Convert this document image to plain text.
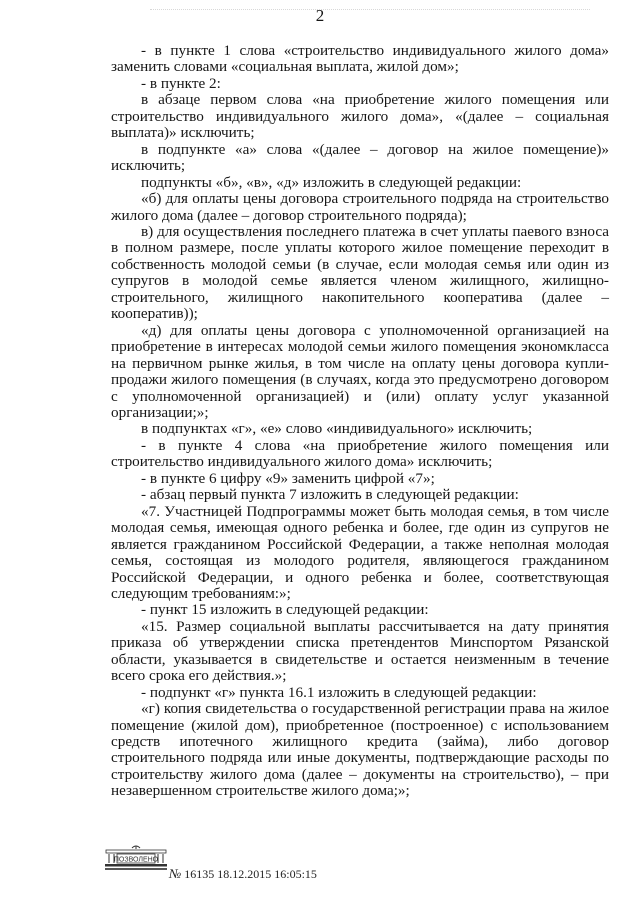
2

- в пункте 1 слова «строительство индивидуального жилого дома» заменить словами «социальная выплата, жилой дом»;

- в пункте 2:

в абзаце первом слова «на приобретение жилого помещения или строительство индивидуального жилого дома», «(далее – социальная выплата)» исключить;

в подпункте «а» слова «(далее – договор на жилое помещение)» исключить;

подпункты «б», «в», «д» изложить в следующей редакции:

«б) для оплаты цены договора строительного подряда на строительство жилого дома (далее – договор строительного подряда);

в) для осуществления последнего платежа в счет уплаты паевого взноса в полном размере, после уплаты которого жилое помещение переходит в собственность молодой семьи (в случае, если молодая семья или один из супругов в молодой семье является членом жилищного, жилищно-строительного, жилищного накопительного кооператива (далее – кооператив));

«д) для оплаты цены договора с уполномоченной организацией на приобретение в интересах молодой семьи жилого помещения экономкласса на первичном рынке жилья, в том числе на оплату цены договора купли-продажи жилого помещения (в случаях, когда это предусмотрено договором с уполномоченной организацией) и (или) оплату услуг указанной организации;»;

в подпунктах «г», «е» слово «индивидуального» исключить;

- в пункте 4 слова «на приобретение жилого помещения или строительство индивидуального жилого дома» исключить;

- в пункте 6 цифру «9» заменить цифрой «7»;

- абзац первый пункта 7 изложить в следующей редакции:

«7. Участницей Подпрограммы может быть молодая семья, в том числе молодая семья, имеющая одного ребенка и более, где один из супругов не является гражданином Российской Федерации, а также неполная молодая семья, состоящая из молодого родителя, являющегося гражданином Российской Федерации, и одного ребенка и более, соответствующая следующим требованиям:»;

- пункт 15 изложить в следующей редакции:

«15. Размер социальной выплаты рассчитывается на дату принятия приказа об утверждении списка претендентов Минспортом Рязанской области, указывается в свидетельстве и остается неизменным в течение всего срока его действия.»;

- подпункт «г» пункта 16.1 изложить в следующей редакции:

«г) копия свидетельства о государственной регистрации права на жилое помещение (жилой дом), приобретенное (построенное) с использованием средств ипотечного жилищного кредита (займа), либо договор строительного подряда или иные документы, подтверждающие расходы по строительству жилого дома (далее – документы на строительство), – при незавершенном строительстве жилого дома;»;

ПОЗВОЛЕНО
№ 16135 18.12.2015 16:05:15
